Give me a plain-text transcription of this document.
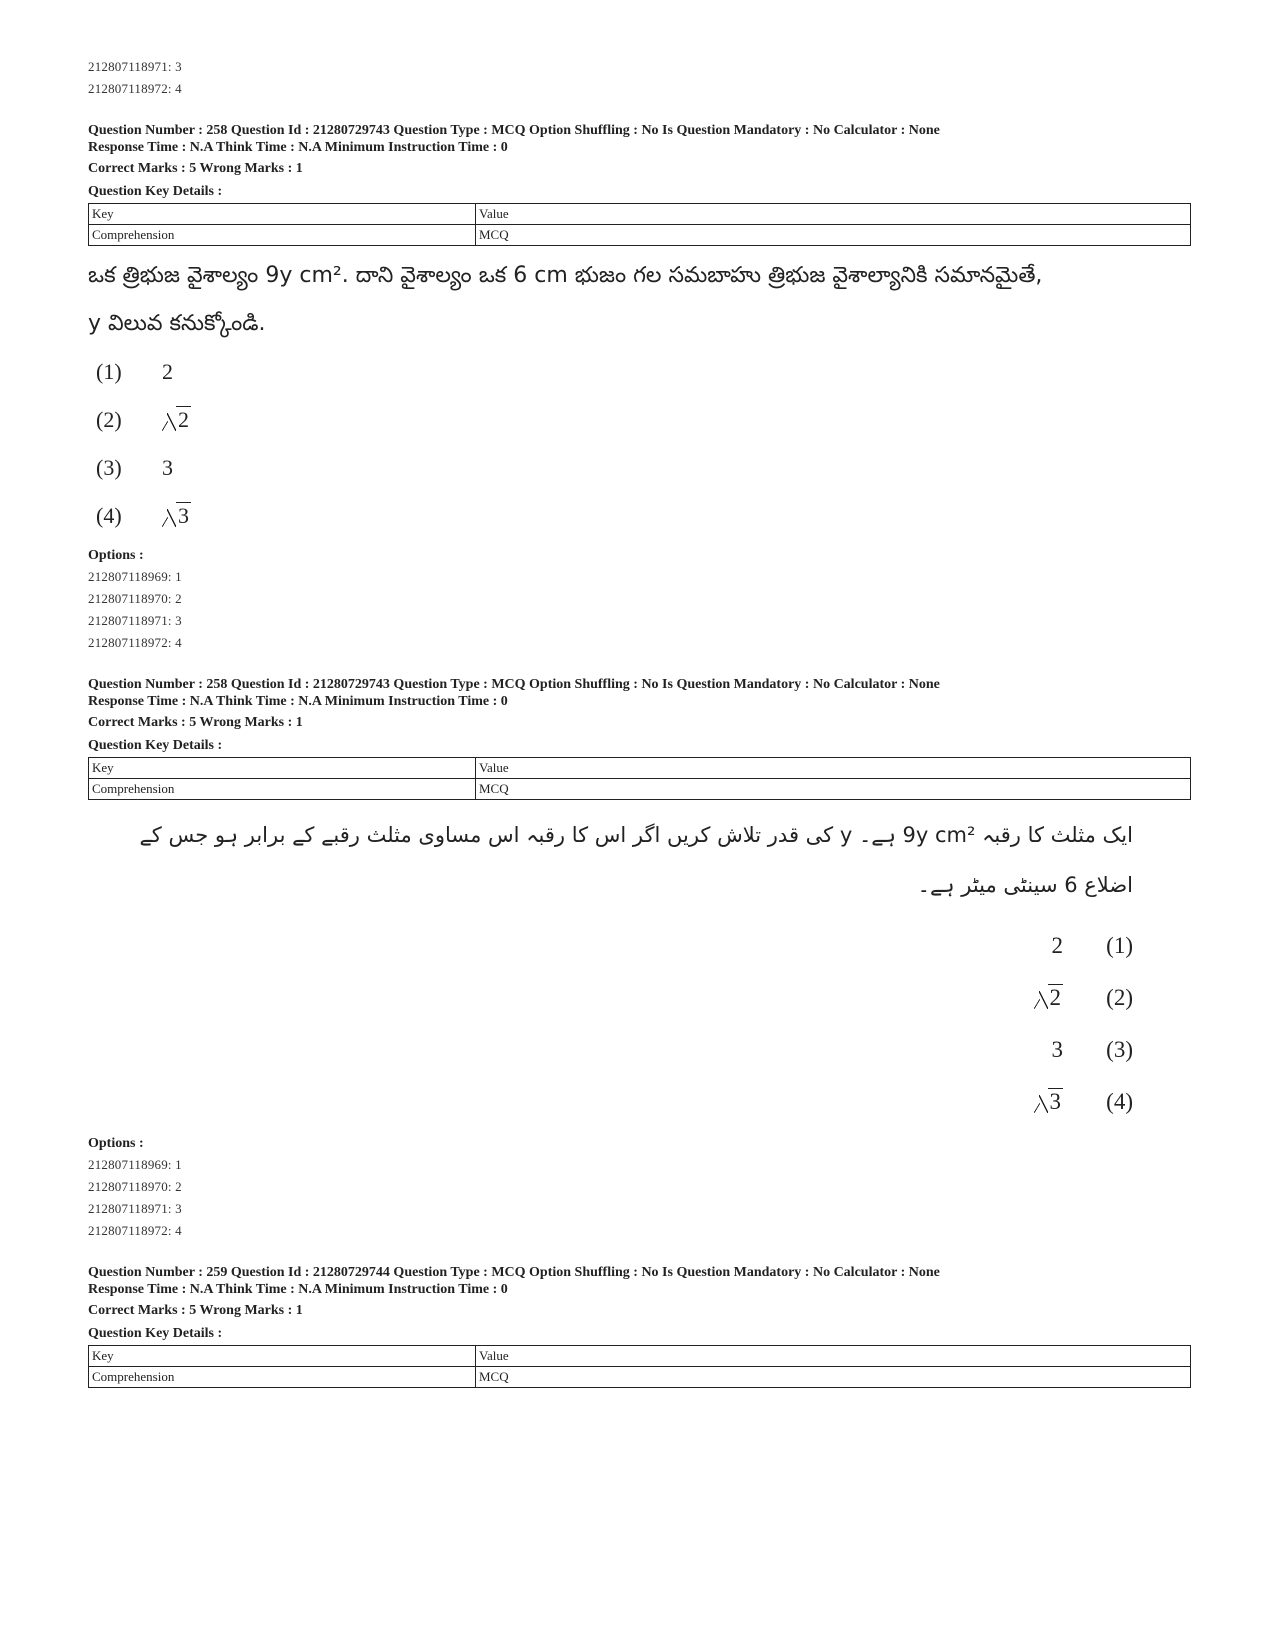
212807118971: 3
212807118972: 4
Question Number : 258 Question Id : 21280729743 Question Type : MCQ Option Shuffling : No Is Question Mandatory : No Calculator : None
Response Time : N.A Think Time : N.A Minimum Instruction Time : 0
Correct Marks : 5 Wrong Marks : 1
Question Key Details :
Key	Value
Comprehension	MCQ
ఒక త్రిభుజ వైశాల్యం 9y cm². దాని వైశాల్యం ఒక 6 cm భుజం గల సమబాహు త్రిభుజ వైశాల్యానికి సమానమైతే,
y విలువ కనుక్కోండి.
(1)	2
(2)	2
(3)	3
(4)	3
Options :
212807118969: 1
212807118970: 2
212807118971: 3
212807118972: 4
Question Number : 258 Question Id : 21280729743 Question Type : MCQ Option Shuffling : No Is Question Mandatory : No Calculator : None
Response Time : N.A Think Time : N.A Minimum Instruction Time : 0
Correct Marks : 5 Wrong Marks : 1
Question Key Details :
Key	Value
Comprehension	MCQ
ایک مثلث کا رقبہ 9y cm² ہے۔ y کی قدر تلاش کریں اگر اس کا رقبہ اس مساوی مثلث رقبے کے برابر ہو جس کے اضلاع 6 سینٹی میٹر ہے۔
2	(1)
2	(2)
3	(3)
3	(4)
Options :
212807118969: 1
212807118970: 2
212807118971: 3
212807118972: 4
Question Number : 259 Question Id : 21280729744 Question Type : MCQ Option Shuffling : No Is Question Mandatory : No Calculator : None
Response Time : N.A Think Time : N.A Minimum Instruction Time : 0
Correct Marks : 5 Wrong Marks : 1
Question Key Details :
Key	Value
Comprehension	MCQ
